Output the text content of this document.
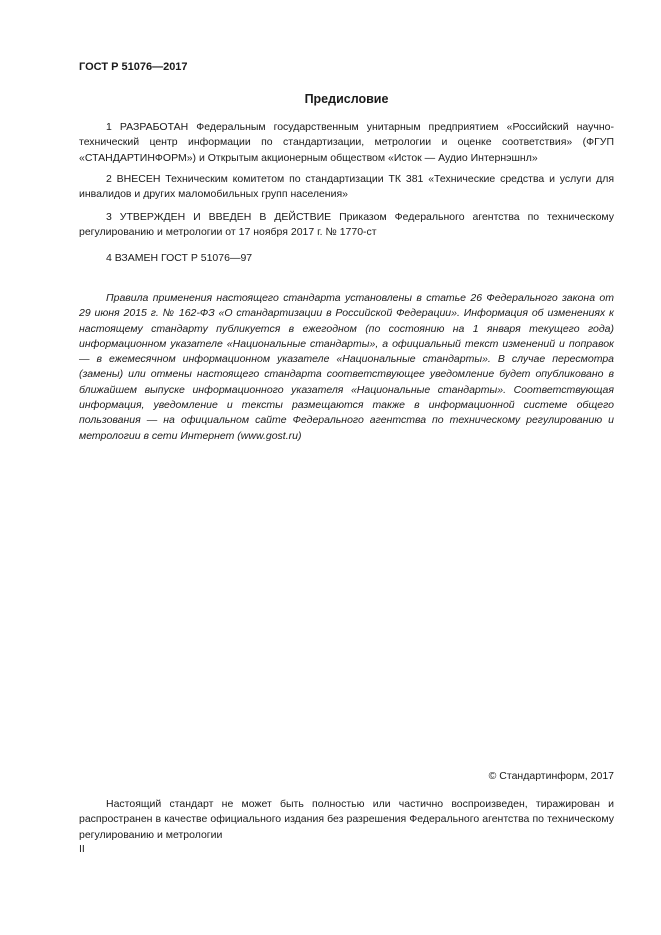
ГОСТ Р 51076—2017
Предисловие
1 РАЗРАБОТАН Федеральным государственным унитарным предприятием «Российский научно-технический центр информации по стандартизации, метрологии и оценке соответствия» (ФГУП «СТАНДАРТИНФОРМ») и Открытым акционерным обществом «Исток — Аудио Интернэшнл»
2 ВНЕСЕН Техническим комитетом по стандартизации ТК 381 «Технические средства и услуги для инвалидов и других маломобильных групп населения»
3 УТВЕРЖДЕН И ВВЕДЕН В ДЕЙСТВИЕ Приказом Федерального агентства по техническому регулированию и метрологии от 17 ноября 2017 г. № 1770-ст
4 ВЗАМЕН ГОСТ Р 51076—97
Правила применения настоящего стандарта установлены в статье 26 Федерального закона от 29 июня 2015 г. № 162-ФЗ «О стандартизации в Российской Федерации». Информация об изменениях к настоящему стандарту публикуется в ежегодном (по состоянию на 1 января текущего года) информационном указателе «Национальные стандарты», а официальный текст изменений и поправок — в ежемесячном информационном указателе «Национальные стандарты». В случае пересмотра (замены) или отмены настоящего стандарта соответствующее уведомление будет опубликовано в ближайшем выпуске информационного указателя «Национальные стандарты». Соответствующая информация, уведомление и тексты размещаются также в информационной системе общего пользования — на официальном сайте Федерального агентства по техническому регулированию и метрологии в сети Интернет (www.gost.ru)
© Стандартинформ, 2017
Настоящий стандарт не может быть полностью или частично воспроизведен, тиражирован и распространен в качестве официального издания без разрешения Федерального агентства по техническому регулированию и метрологии
II
